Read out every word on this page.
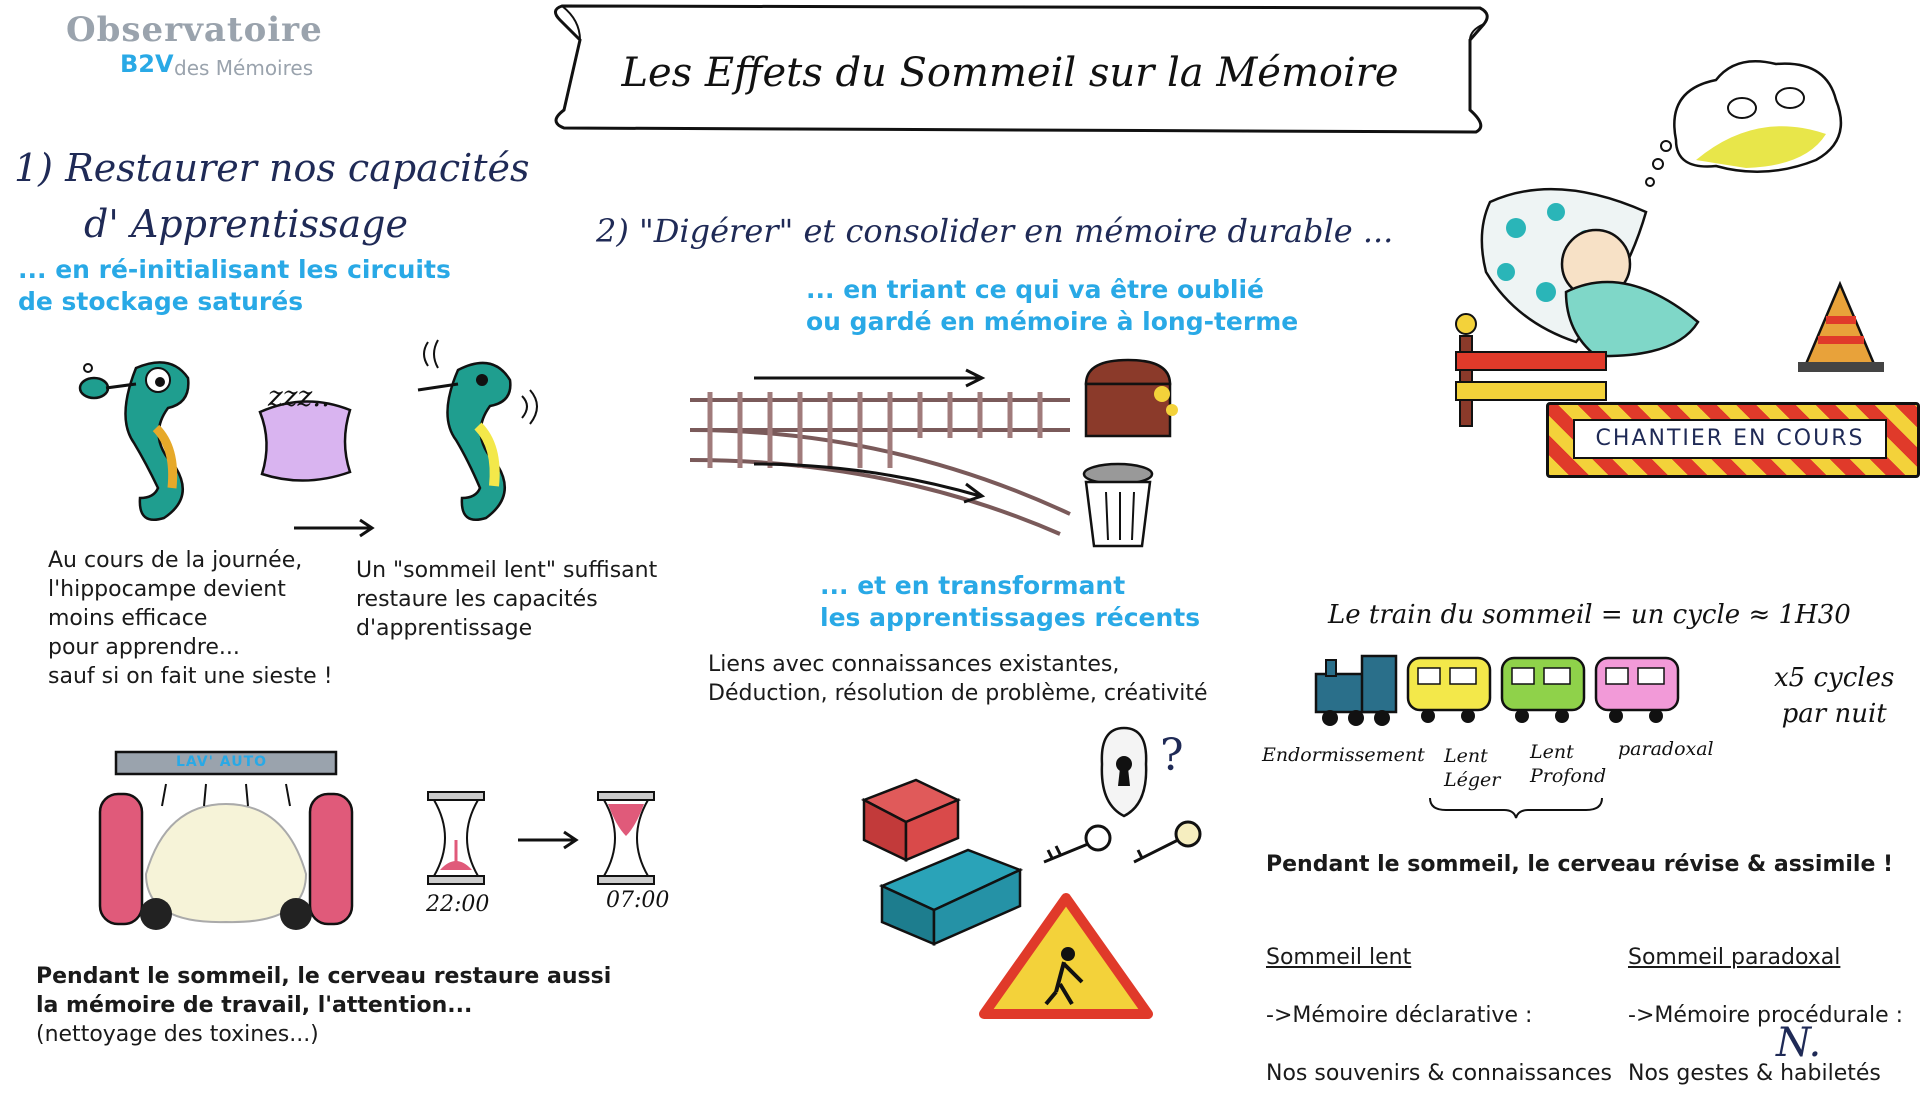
Observatoire
B2V des Mémoires	Les Effets du Sommeil sur la Mémoire
1) Restaurer nos capacités
d' Apprentissage
... en ré-initialisant les circuits
de stockage saturés
zzz..
Au cours de la journée,
l'hippocampe devient
moins efficace
pour apprendre...
sauf si on fait une sieste !
Un "sommeil lent" suffisant
restaure les capacités
d'apprentissage
LAV' AUTO
22:00	07:00
Pendant le sommeil, le cerveau restaure aussi
la mémoire de travail, l'attention...
(nettoyage des toxines...)
2) "Digérer" et consolider en mémoire durable ...
... en triant ce qui va être oublié
ou gardé en mémoire à long-terme
... et en transformant
les apprentissages récents
Liens avec connaissances existantes,
Déduction, résolution de problème, créativité
?
CHANTIER EN COURS
Le train du sommeil = un cycle ≈ 1H30
x5 cycles
par nuit
Endormissement Lent
Léger
Lent
Profond
paradoxal
Pendant le sommeil, le cerveau révise & assimile !

Sommeil lent

->Mémoire déclarative :

Nos souvenirs & connaissances

Sommeil paradoxal

->Mémoire procédurale :

Nos gestes & habiletés

N.
